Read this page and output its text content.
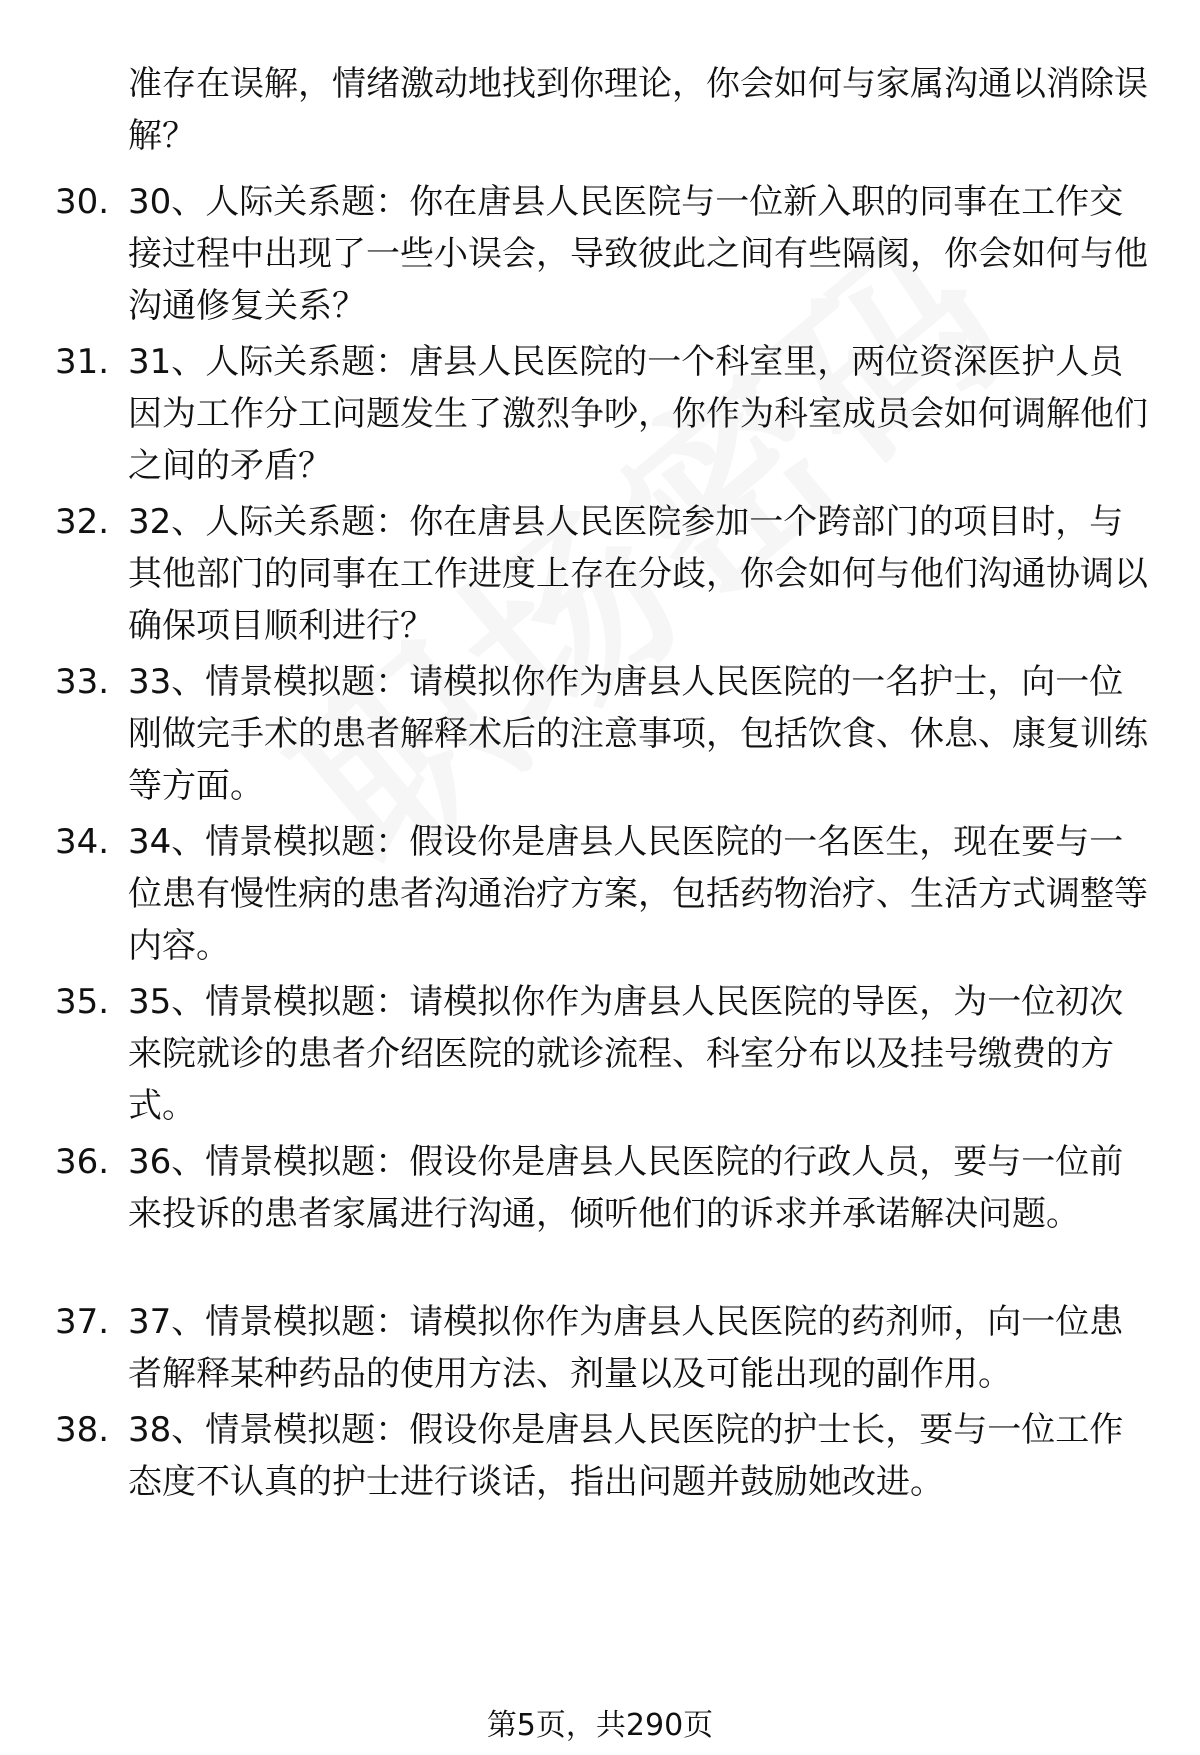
准存在误解，情绪激动地找到你理论，你会如何与家属沟通以消除误解？
30. 30、人际关系题：你在唐县人民医院与一位新入职的同事在工作交接过程中出现了一些小误会，导致彼此之间有些隔阂，你会如何与他沟通修复关系？
31. 31、人际关系题：唐县人民医院的一个科室里，两位资深医护人员因为工作分工问题发生了激烈争吵，你作为科室成员会如何调解他们之间的矛盾？
32. 32、人际关系题：你在唐县人民医院参加一个跨部门的项目时，与其他部门的同事在工作进度上存在分歧，你会如何与他们沟通协调以确保项目顺利进行？
33. 33、情景模拟题：请模拟你作为唐县人民医院的一名护士，向一位刚做完手术的患者解释术后的注意事项，包括饮食、休息、康复训练等方面。
34. 34、情景模拟题：假设你是唐县人民医院的一名医生，现在要与一位患有慢性病的患者沟通治疗方案，包括药物治疗、生活方式调整等内容。
35. 35、情景模拟题：请模拟你作为唐县人民医院的导医，为一位初次来院就诊的患者介绍医院的就诊流程、科室分布以及挂号缴费的方式。
36. 36、情景模拟题：假设你是唐县人民医院的行政人员，要与一位前来投诉的患者家属进行沟通，倾听他们的诉求并承诺解决问题。
37. 37、情景模拟题：请模拟你作为唐县人民医院的药剂师，向一位患者解释某种药品的使用方法、剂量以及可能出现的副作用。
38. 38、情景模拟题：假设你是唐县人民医院的护士长，要与一位工作态度不认真的护士进行谈话，指出问题并鼓励她改进。
第5页，共290页
